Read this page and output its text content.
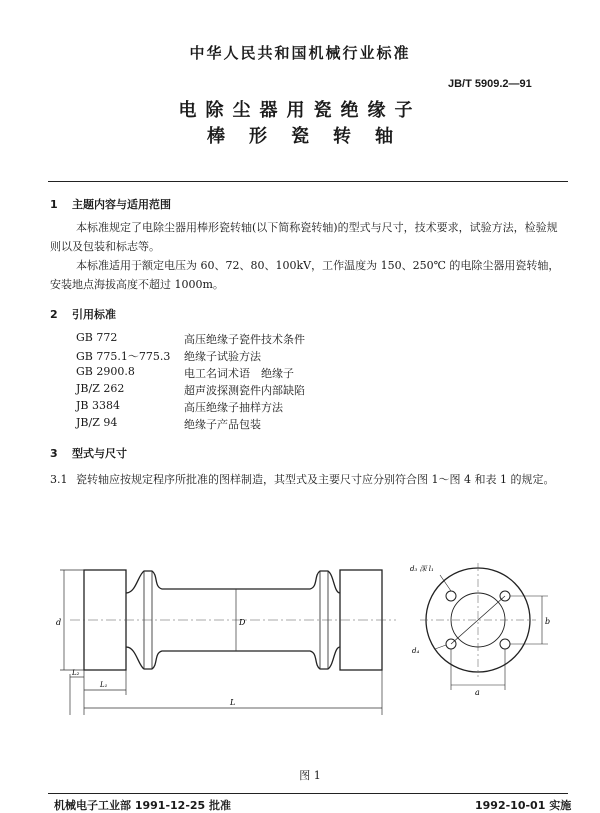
中华人民共和国机械行业标准
JB/T 5909.2—91
电除尘器用瓷绝缘子
棒形瓷转轴
1 主题内容与适用范围
本标准规定了电除尘器用棒形瓷转轴(以下简称瓷转轴)的型式与尺寸，技术要求，试验方法，检验规则以及包装和标志等。
本标准适用于额定电压为 60、72、80、100kV，工作温度为 150、250℃ 的电除尘器用瓷转轴，安装地点海拔高度不超过 1000m。
2 引用标准
GB 772	高压绝缘子瓷件技术条件
GB 775.1～775.3 绝缘子试验方法
GB 2900.8	电工名词术语　绝缘子
JB/Z 262	超声波探测瓷件内部缺陷
JB 3384	高压绝缘子抽样方法
JB/Z 94	绝缘子产品包装
3 型式与尺寸
3.1 瓷转轴应按规定程序所批准的图样制造，其型式及主要尺寸应分别符合图 1～图 4 和表 1 的规定。
d	D
L
L₁
L₂
d₃ 深 l₁
d₄
b
a
图 1
机械电子工业部 1991-12-25 批准	1992-10-01 实施
